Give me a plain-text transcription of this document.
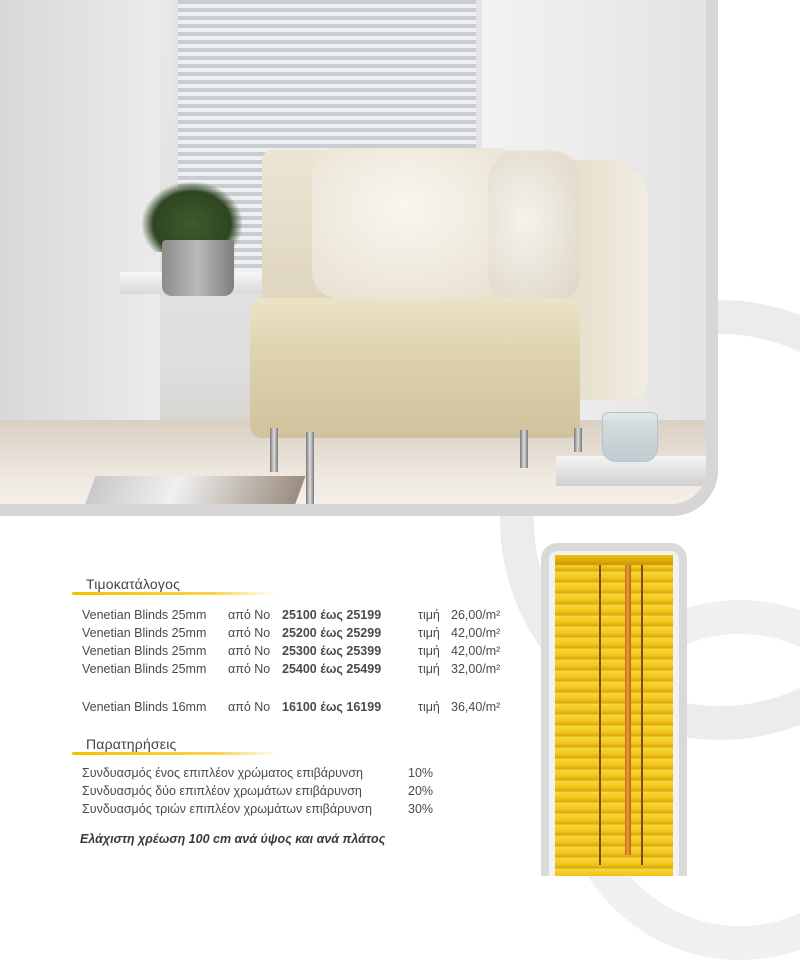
Τιμοκατάλογος
Venetian Blinds 25mm από Νο 25100 έως 25199	τιμή 26,00/m²
Venetian Blinds 25mm από Νο 25200 έως 25299	τιμή 42,00/m²
Venetian Blinds 25mm από Νο 25300 έως 25399	τιμή 42,00/m²
Venetian Blinds 25mm από Νο 25400 έως 25499	τιμή 32,00/m²
Venetian Blinds 16mm από Νο 16100 έως 16199	τιμή 36,40/m²
Παρατηρήσεις
Συνδυασμός ένος επιπλέον χρώματος επιβάρυνση	10%
Συνδυασμός δύο επιπλέον χρωμάτων επιβάρυνση	20%
Συνδυασμός τριών επιπλέον χρωμάτων επιβάρυνση	30%
Ελάχιστη χρέωση 100 cm ανά ύψος και ανά πλάτος
